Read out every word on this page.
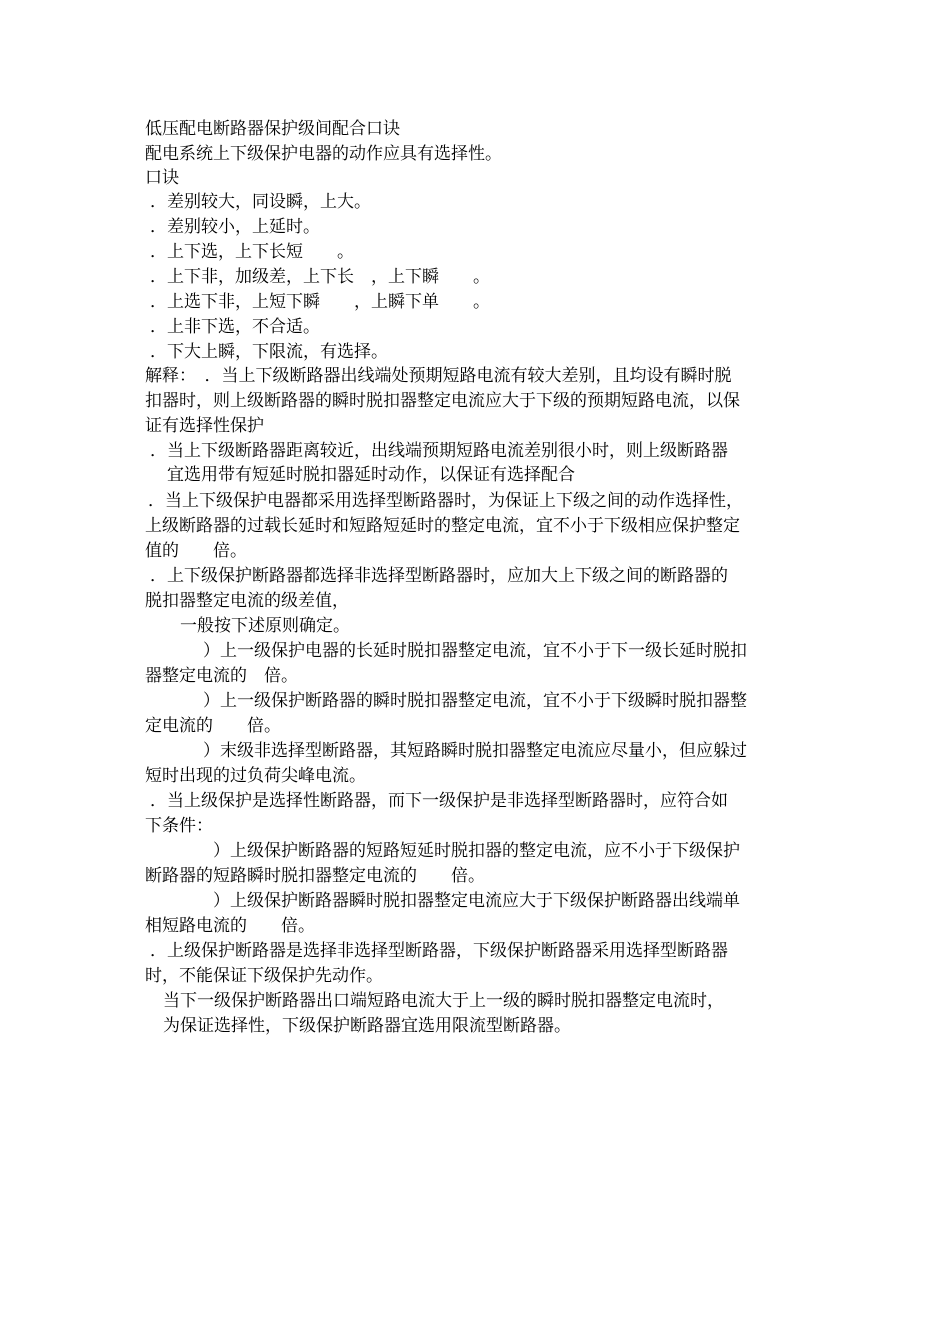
低压配电断路器保护级间配合口诀
配电系统上下级保护电器的动作应具有选择性。
口诀
．差别较大，同设瞬，上大。
．差别较小，上延时。
．上下选，上下长短　　。
．上下非，加级差，上下长　，上下瞬　　。
．上选下非，上短下瞬　　，上瞬下单　　。
．上非下选，不合适。
．下大上瞬，下限流，有选择。
解释：　．当上下级断路器出线端处预期短路电流有较大差别，且均设有瞬时脱
扣器时，则上级断路器的瞬时脱扣器整定电流应大于下级的预期短路电流，以保
证有选择性保护
．当上下级断路器距离较近，出线端预期短路电流差别很小时，则上级断路器
　宜选用带有短延时脱扣器延时动作，以保证有选择配合
．当上下级保护电器都采用选择型断路器时，为保证上下级之间的动作选择性，
上级断路器的过载长延时和短路短延时的整定电流，宜不小于下级相应保护整定
值的　　倍。
．上下级保护断路器都选择非选择型断路器时，应加大上下级之间的断路器的
脱扣器整定电流的级差值，
　一般按下述原则确定。
　）上一级保护电器的长延时脱扣器整定电流，宜不小于下一级长延时脱扣
器整定电流的　倍。
　）上一级保护断路器的瞬时脱扣器整定电流，宜不小于下级瞬时脱扣器整
定电流的　　倍。
　）末级非选择型断路器，其短路瞬时脱扣器整定电流应尽量小，但应躲过
短时出现的过负荷尖峰电流。
．当上级保护是选择性断路器，而下一级保护是非选择型断路器时，应符合如
下条件：
　）上级保护断路器的短路短延时脱扣器的整定电流，应不小于下级保护
断路器的短路瞬时脱扣器整定电流的　　倍。
　）上级保护断路器瞬时脱扣器整定电流应大于下级保护断路器出线端单
相短路电流的　　倍。
．上级保护断路器是选择非选择型断路器，下级保护断路器采用选择型断路器
时，不能保证下级保护先动作。
当下一级保护断路器出口端短路电流大于上一级的瞬时脱扣器整定电流时，
为保证选择性，下级保护断路器宜选用限流型断路器。
